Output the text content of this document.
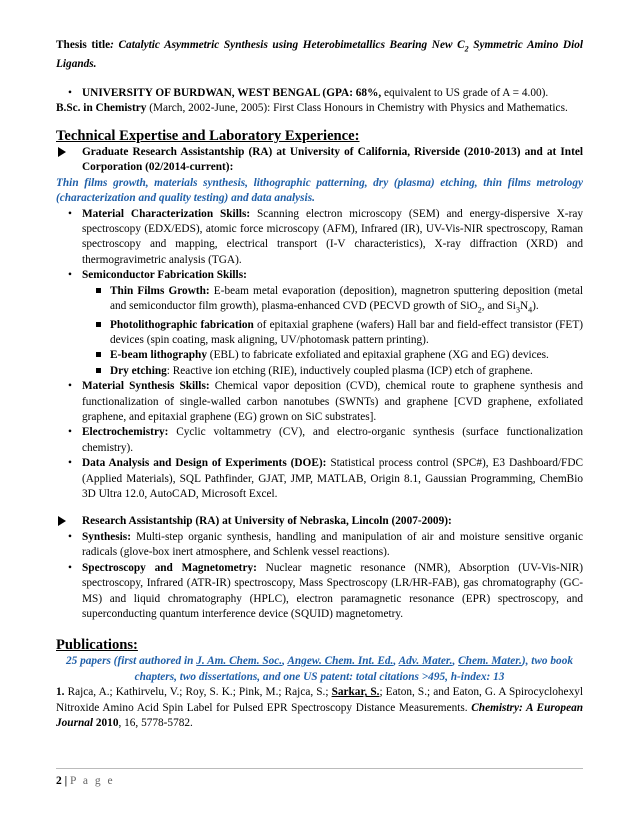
Thesis title: Catalytic Asymmetric Synthesis using Heterobimetallics Bearing New $C_2$ Symmetric Amino Diol Ligands.

• UNIVERSITY OF BURDWAN, WEST BENGAL (GPA: 68%, equivalent to US grade of A = 4.00).

B.Sc. in Chemistry (March, 2002-June, 2005): First Class Honours in Chemistry with Physics and Mathematics.

Technical Expertise and Laboratory Experience:

Graduate Research Assistantship (RA) at University of California, Riverside (2010-2013) and at Intel Corporation (02/2014-current):

Thin films growth, materials synthesis, lithographic patterning, dry (plasma) etching, thin films metrology (characterization and quality testing) and data analysis.

• Material Characterization Skills: Scanning electron microscopy (SEM) and energy-dispersive X-ray spectroscopy (EDX/EDS), atomic force microscopy (AFM), Infrared (IR), UV-Vis-NIR spectroscopy, Raman spectroscopy and mapping, electrical transport (I-V characteristics), X-ray diffraction (XRD) and thermogravimetric analysis (TGA).
• Semiconductor Fabrication Skills:
Thin Films Growth: E-beam metal evaporation (deposition), magnetron sputtering deposition (metal and semiconductor film growth), plasma-enhanced CVD (PECVD growth of SiO$_2$, and $Si_3N_4$).
Photolithographic fabrication of epitaxial graphene (wafers) Hall bar and field-effect transistor (FET) devices (spin coating, mask aligning, UV/photomask pattern printing).
E-beam lithography (EBL) to fabricate exfoliated and epitaxial graphene (XG and EG) devices.
Dry etching: Reactive ion etching (RIE), inductively coupled plasma (ICP) etch of graphene.
• Material Synthesis Skills: Chemical vapor deposition (CVD), chemical route to graphene synthesis and functionalization of single-walled carbon nanotubes (SWNTs) and graphene [CVD graphene, exfoliated graphene, and epitaxial graphene (EG) grown on SiC substrates].
• Electrochemistry: Cyclic voltammetry (CV), and electro-organic synthesis (surface functionalization chemistry).
• Data Analysis and Design of Experiments (DOE): Statistical process control (SPC#), E3 Dashboard/FDC (Applied Materials), SQL Pathfinder, GJAT, JMP, MATLAB, Origin 8.1, Gaussian Programming, ChemBio 3D Ultra 12.0, AutoCAD, Microsoft Excel.
Research Assistantship (RA) at University of Nebraska, Lincoln (2007-2009):
• Synthesis: Multi-step organic synthesis, handling and manipulation of air and moisture sensitive organic radicals (glove-box inert atmosphere, and Schlenk vessel reactions).
• Spectroscopy and Magnetometry: Nuclear magnetic resonance (NMR), Absorption (UV-Vis-NIR) spectroscopy, Infrared (ATR-IR) spectroscopy, Mass Spectroscopy (LR/HR-FAB), gas chromatography (GC-MS) and liquid chromatography (HPLC), electron paramagnetic resonance (EPR) spectroscopy, and superconducting quantum interference device (SQUID) magnetometry.

Publications:

25 papers (first authored in J. Am. Chem. Soc., Angew. Chem. Int. Ed., Adv. Mater., Chem. Mater.), two book chapters, two dissertations, and one US patent: total citations >495, h-index: 13

1. Rajca, A.; Kathirvelu, V.; Roy, S. K.; Pink, M.; Rajca, S.; Sarkar, S.; Eaton, S.; and Eaton, G. A Spirocyclohexyl Nitroxide Amino Acid Spin Label for Pulsed EPR Spectroscopy Distance Measurements. Chemistry: A European Journal 2010, 16, 5778-5782.

2 | P a g e
